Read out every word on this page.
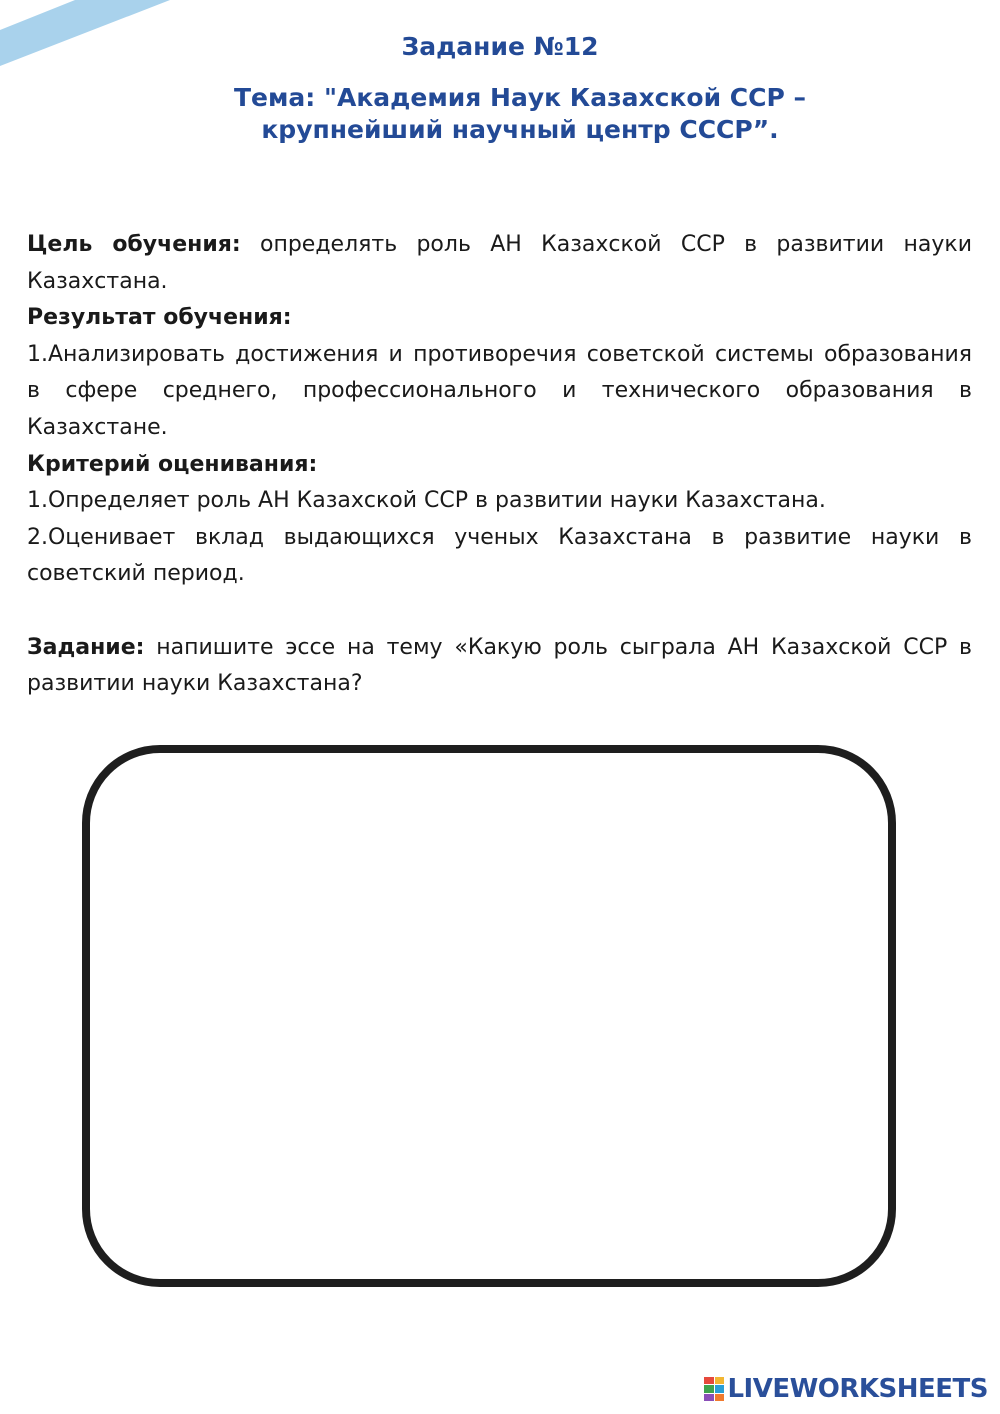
Задание №12
Тема: "Академия Наук Казахской ССР –
крупнейший научный центр СССР”.

Цель обучения: определять роль АН Казахской ССР в развитии науки Казахстана.

Результат обучения:

1.Анализировать достижения и противоречия советской системы образования в сфере среднего, профессионального и технического образования в Казахстане.

Критерий оценивания:

1.Определяет роль АН Казахской ССР в развитии науки Казахстана.

2.Оценивает вклад выдающихся ученых Казахстана в развитие науки в советский период.

Задание: напишите эссе на тему «Какую роль сыграла АН Казахской ССР в развитии науки Казахстана?

LIVEWORKSHEETS
